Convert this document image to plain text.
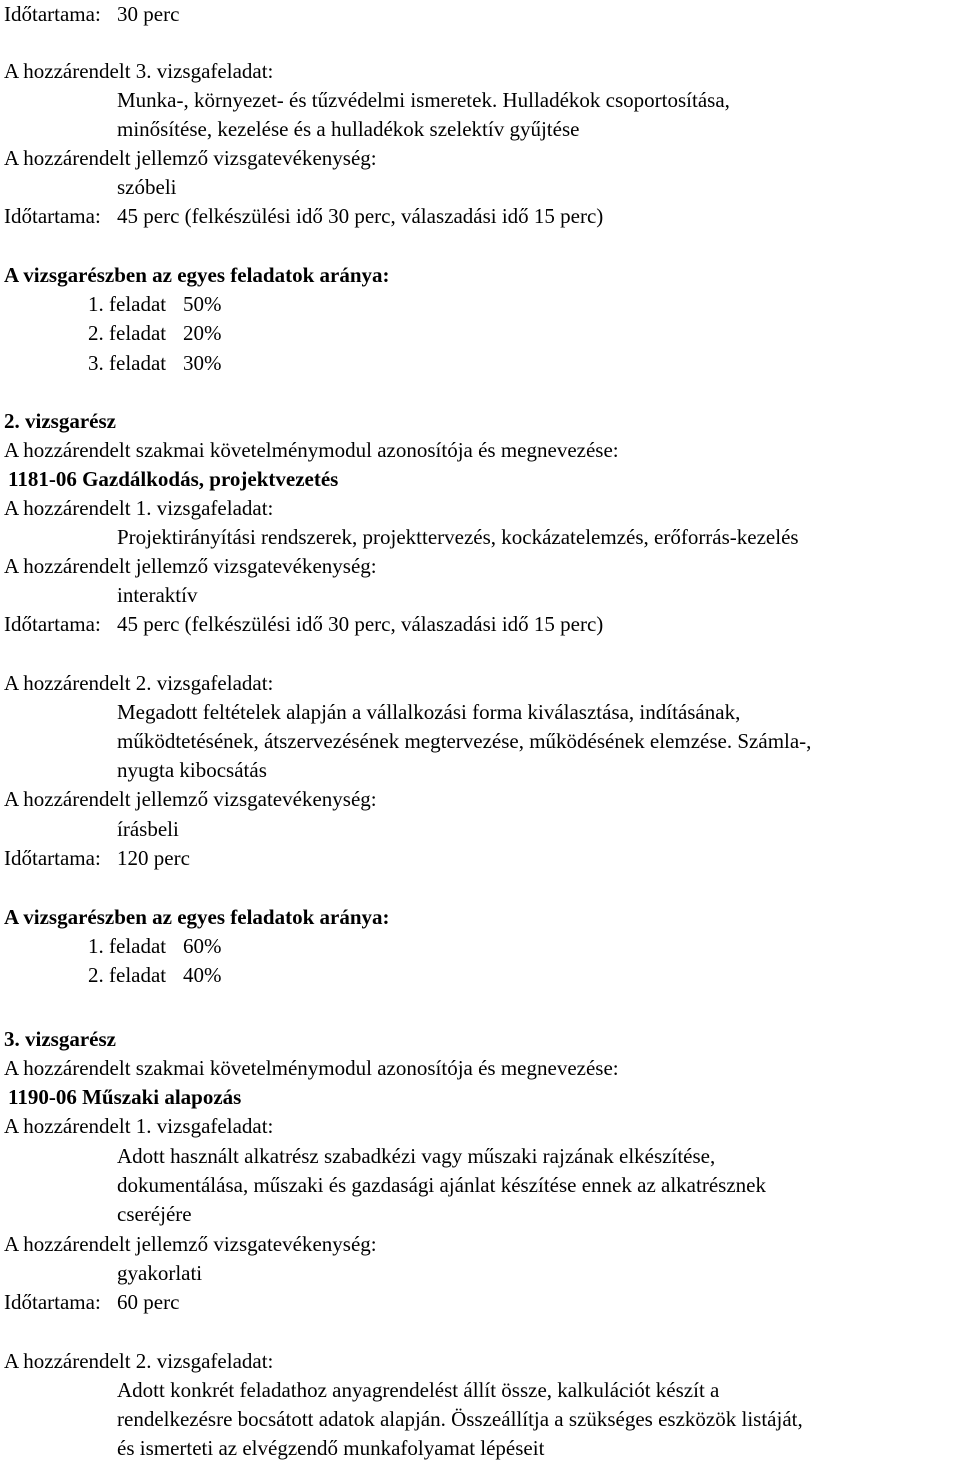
Időtartama: 30 perc
A hozzárendelt 3. vizsgafeladat:
Munka-, környezet- és tűzvédelmi ismeretek. Hulladékok csoportosítása,
minősítése, kezelése és a hulladékok szelektív gyűjtése
A hozzárendelt jellemző vizsgatevékenység:
szóbeli
Időtartama: 45 perc (felkészülési idő 30 perc, válaszadási idő 15 perc)
A vizsgarészben az egyes feladatok aránya:
1. feladat 50%
2. feladat 20%
3. feladat 30%
2. vizsgarész
A hozzárendelt szakmai követelménymodul azonosítója és megnevezése:
1181-06 Gazdálkodás, projektvezetés
A hozzárendelt 1. vizsgafeladat:
Projektirányítási rendszerek, projekttervezés, kockázatelemzés, erőforrás-kezelés
A hozzárendelt jellemző vizsgatevékenység:
interaktív
Időtartama: 45 perc (felkészülési idő 30 perc, válaszadási idő 15 perc)
A hozzárendelt 2. vizsgafeladat:
Megadott feltételek alapján a vállalkozási forma kiválasztása, indításának,
működtetésének, átszervezésének megtervezése, működésének elemzése. Számla-,
nyugta kibocsátás
A hozzárendelt jellemző vizsgatevékenység:
írásbeli
Időtartama: 120 perc
A vizsgarészben az egyes feladatok aránya:
1. feladat 60%
2. feladat 40%
3. vizsgarész
A hozzárendelt szakmai követelménymodul azonosítója és megnevezése:
1190-06 Műszaki alapozás
A hozzárendelt 1. vizsgafeladat:
Adott használt alkatrész szabadkézi vagy műszaki rajzának elkészítése,
dokumentálása, műszaki és gazdasági ajánlat készítése ennek az alkatrésznek
cseréjére
A hozzárendelt jellemző vizsgatevékenység:
gyakorlati
Időtartama: 60 perc
A hozzárendelt 2. vizsgafeladat:
Adott konkrét feladathoz anyagrendelést állít össze, kalkulációt készít a
rendelkezésre bocsátott adatok alapján. Összeállítja a szükséges eszközök listáját,
és ismerteti az elvégzendő munkafolyamat lépéseit
